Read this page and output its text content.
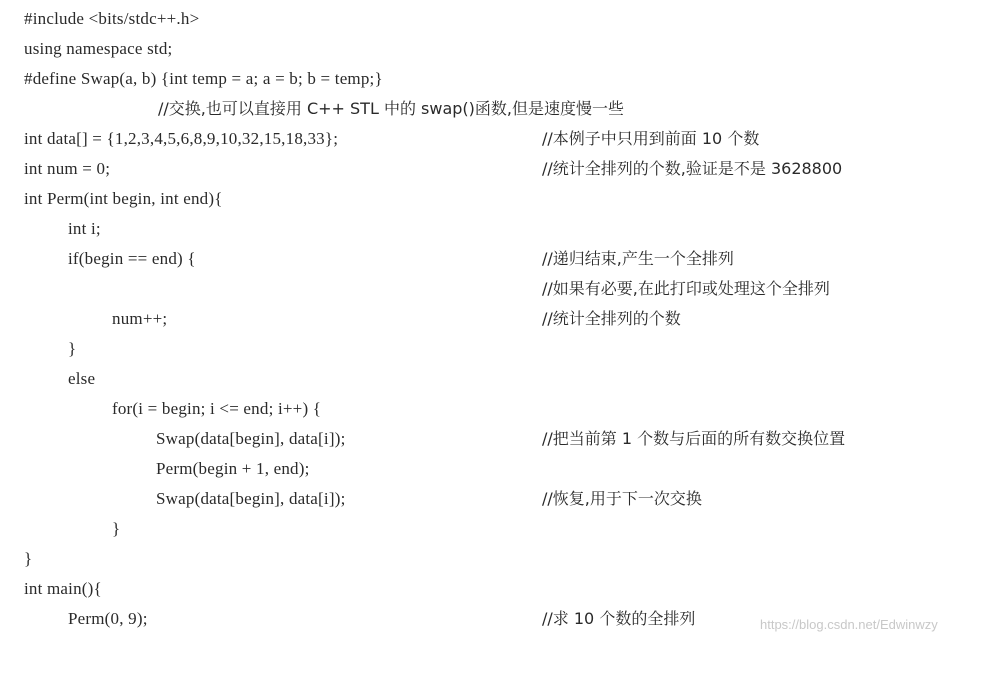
#include <bits/stdc++.h>

using namespace std;

#define Swap(a, b) {int temp = a; a = b; b = temp;}

//交换,也可以直接用 C++ STL 中的 swap()函数,但是速度慢一些

int data[] = {1,2,3,4,5,6,8,9,10,32,15,18,33};

	//本例子中只用到前面 10 个数

int num = 0;

	//统计全排列的个数,验证是不是 3628800

int Perm(int begin, int end){

int i;

if(begin == end) {

	//递归结束,产生一个全排列

//如果有必要,在此打印或处理这个全排列

num++;

	//统计全排列的个数

}

else

for(i = begin; i <= end; i++) {

Swap(data[begin], data[i]);

	//把当前第 1 个数与后面的所有数交换位置

Perm(begin + 1, end);

Swap(data[begin], data[i]);

	//恢复,用于下一次交换

}

}

int main(){

Perm(0, 9);

	//求 10 个数的全排列

	https://blog.csdn.net/Edwinwzy
